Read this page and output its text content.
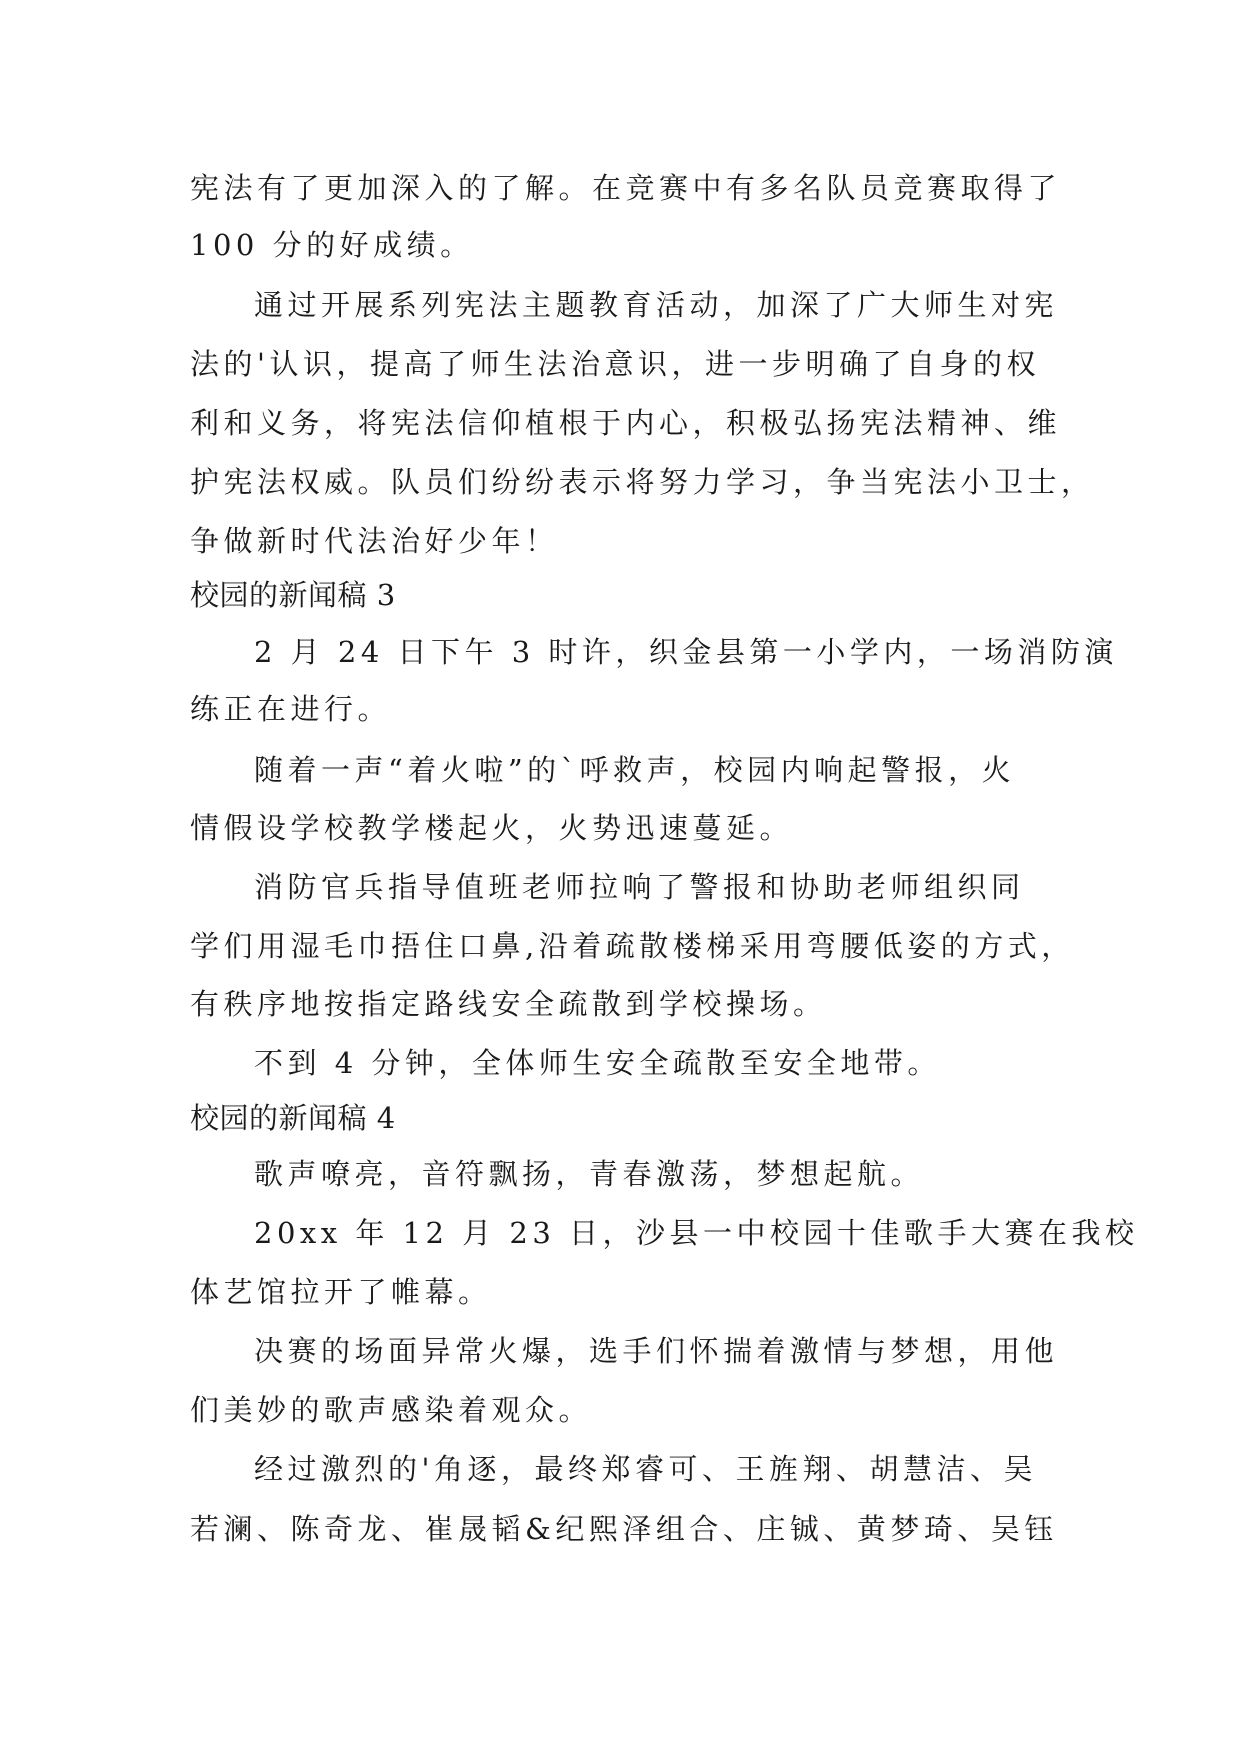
宪法有了更加深入的了解。在竞赛中有多名队员竞赛取得了
100 分的好成绩。
通过开展系列宪法主题教育活动，加深了广大师生对宪
法的'认识，提高了师生法治意识，进一步明确了自身的权
利和义务，将宪法信仰植根于内心，积极弘扬宪法精神、维
护宪法权威。队员们纷纷表示将努力学习，争当宪法小卫士，
争做新时代法治好少年！
校园的新闻稿 3
2 月 24 日下午 3 时许，织金县第一小学内，一场消防演
练正在进行。
随着一声“着火啦”的`呼救声，校园内响起警报，火
情假设学校教学楼起火，火势迅速蔓延。
消防官兵指导值班老师拉响了警报和协助老师组织同
学们用湿毛巾捂住口鼻,沿着疏散楼梯采用弯腰低姿的方式，
有秩序地按指定路线安全疏散到学校操场。
不到 4 分钟，全体师生安全疏散至安全地带。
校园的新闻稿 4
歌声嘹亮，音符飘扬，青春激荡，梦想起航。
20xx 年 12 月 23 日，沙县一中校园十佳歌手大赛在我校
体艺馆拉开了帷幕。
决赛的场面异常火爆，选手们怀揣着激情与梦想，用他
们美妙的歌声感染着观众。
经过激烈的'角逐，最终郑睿可、王旌翔、胡慧洁、吴
若澜、陈奇龙、崔晟韬&纪熙泽组合、庄铖、黄梦琦、吴钰
